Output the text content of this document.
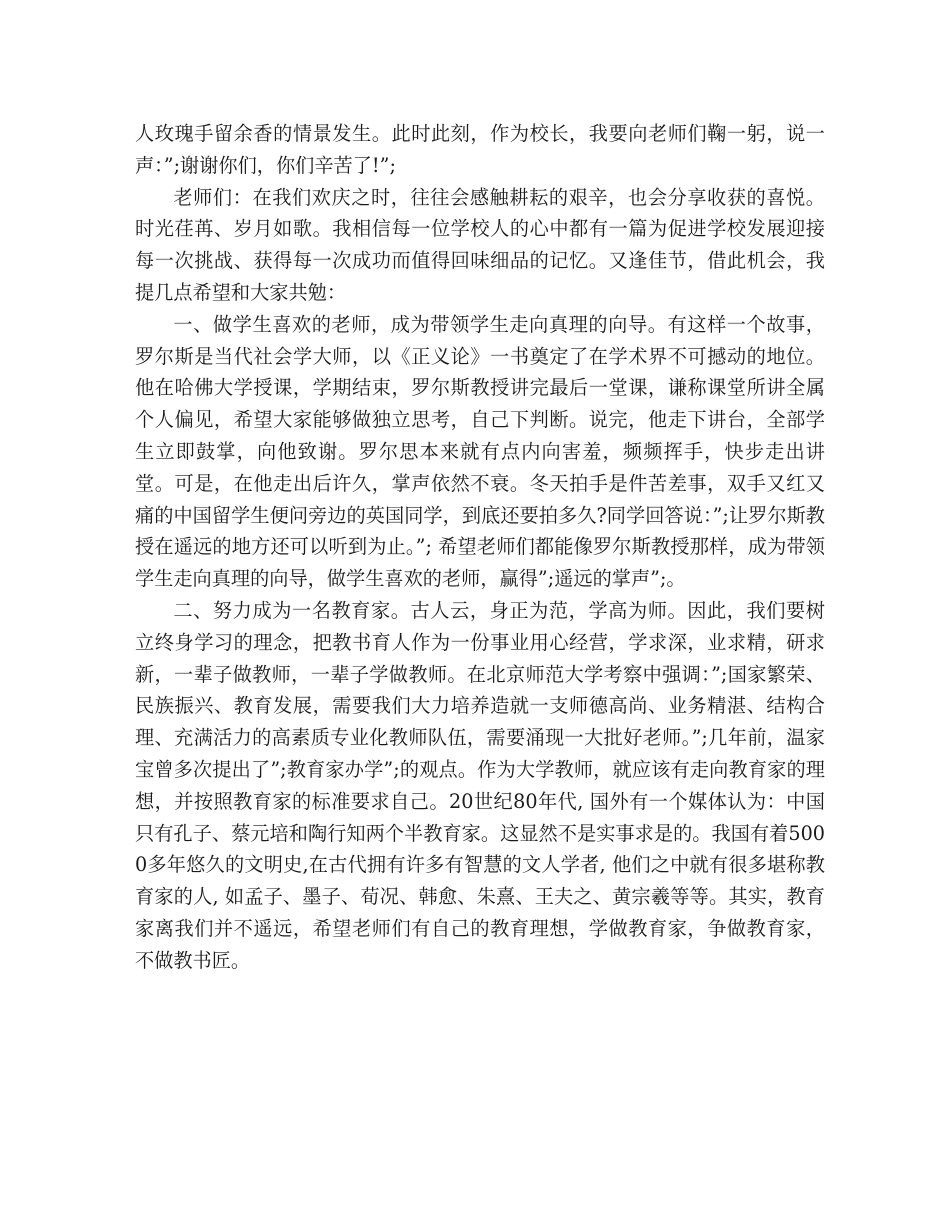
人玫瑰手留余香的情景发生。此时此刻，作为校长，我要向老师们鞠一躬，说一声：”;谢谢你们，你们辛苦了!”;

老师们：在我们欢庆之时，往往会感触耕耘的艰辛，也会分享收获的喜悦。时光荏苒、岁月如歌。我相信每一位学校人的心中都有一篇为促进学校发展迎接每一次挑战、获得每一次成功而值得回味细品的记忆。又逢佳节，借此机会，我提几点希望和大家共勉：

一、做学生喜欢的老师，成为带领学生走向真理的向导。有这样一个故事，罗尔斯是当代社会学大师，以《正义论》一书奠定了在学术界不可撼动的地位。他在哈佛大学授课，学期结束，罗尔斯教授讲完最后一堂课，谦称课堂所讲全属个人偏见，希望大家能够做独立思考，自己下判断。说完，他走下讲台，全部学生立即鼓掌，向他致谢。罗尔思本来就有点内向害羞，频频挥手，快步走出讲堂。可是，在他走出后许久，掌声依然不衰。冬天拍手是件苦差事，双手又红又痛的中国留学生便问旁边的英国同学，到底还要拍多久?同学回答说：”;让罗尔斯教授在遥远的地方还可以听到为止。”; 希望老师们都能像罗尔斯教授那样，成为带领学生走向真理的向导，做学生喜欢的老师，赢得”;遥远的掌声”;。

二、努力成为一名教育家。古人云，身正为范，学高为师。因此，我们要树立终身学习的理念，把教书育人作为一份事业用心经营，学求深，业求精，研求新，一辈子做教师，一辈子学做教师。在北京师范大学考察中强调：”;国家繁荣、民族振兴、教育发展，需要我们大力培养造就一支师德高尚、业务精湛、结构合理、充满活力的高素质专业化教师队伍，需要涌现一大批好老师。”;几年前，温家宝曾多次提出了”;教育家办学”;的观点。作为大学教师，就应该有走向教育家的理想，并按照教育家的标准要求自己。20世纪80年代, 国外有一个媒体认为：中国只有孔子、蔡元培和陶行知两个半教育家。这显然不是实事求是的。我国有着5000多年悠久的文明史,在古代拥有许多有智慧的文人学者, 他们之中就有很多堪称教育家的人, 如孟子、墨子、荀况、韩愈、朱熹、王夫之、黄宗羲等等。其实，教育家离我们并不遥远，希望老师们有自己的教育理想，学做教育家，争做教育家，不做教书匠。
